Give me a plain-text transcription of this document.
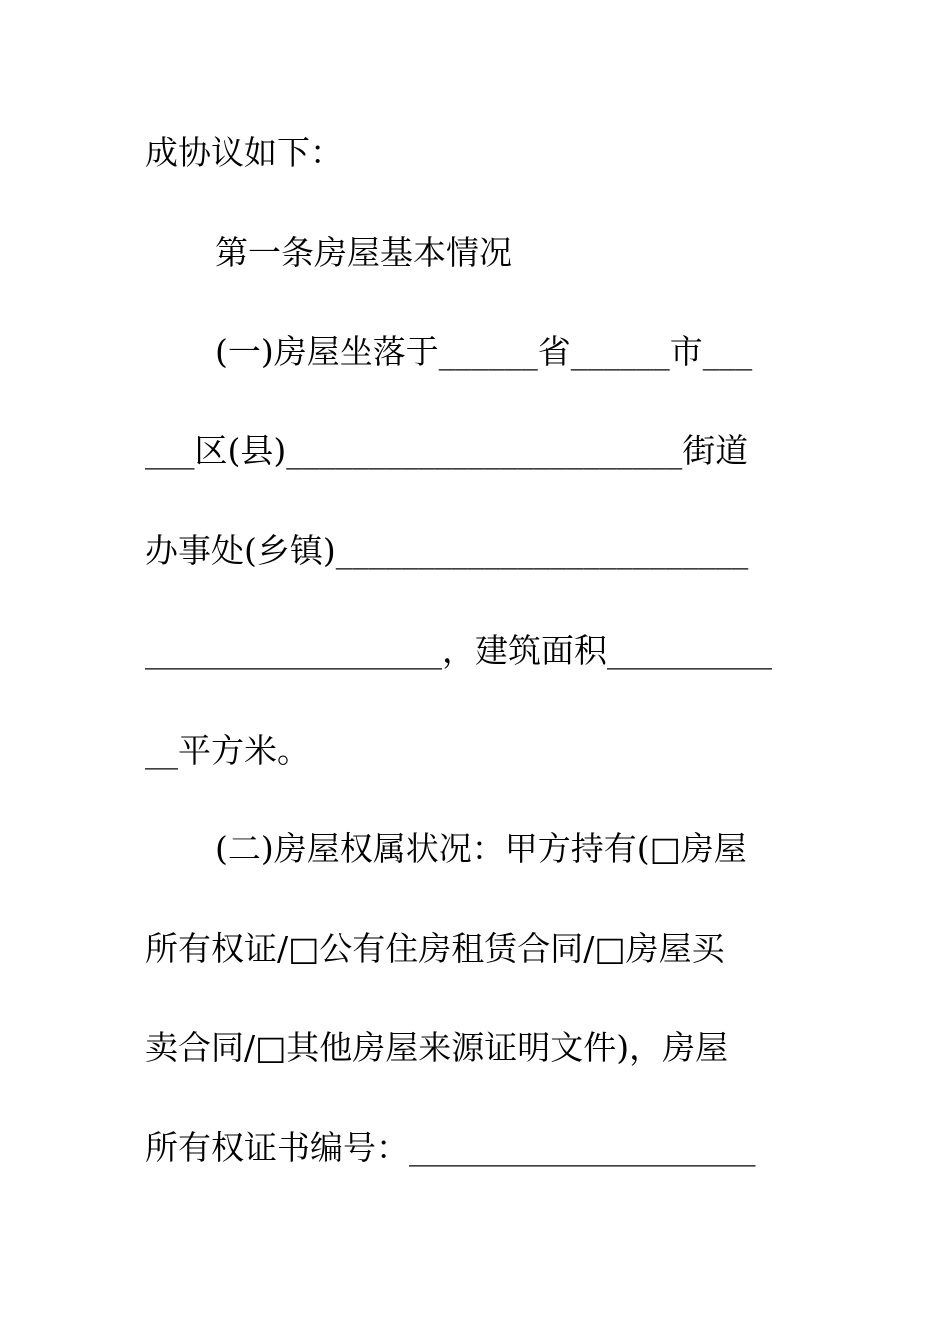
成协议如下：

第一条房屋基本情况

(一)房屋坐落于______省______市___

___区(县)________________________街道

办事处(乡镇)_________________________

__________________，建筑面积__________

__平方米。

(二)房屋权属状况：甲方持有(□房屋

所有权证/□公有住房租赁合同/□房屋买

卖合同/□其他房屋来源证明文件)，房屋

所有权证书编号：_____________________
